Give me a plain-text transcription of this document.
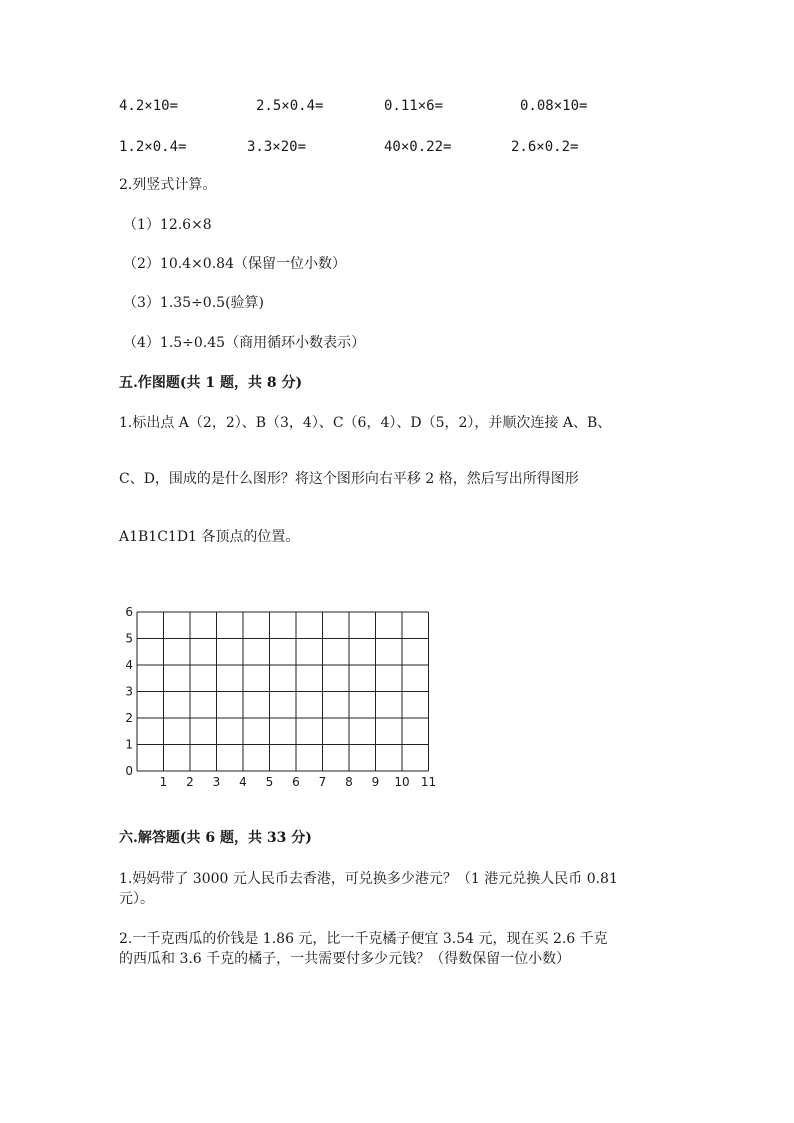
4.2×10=	2.5×0.4=	0.11×6=	0.08×10=
1.2×0.4=	3.3×20=	40×0.22=	2.6×0.2=
2.列竖式计算。
（1）12.6×8
（2）10.4×0.84（保留一位小数）
（3）1.35÷0.5(验算)
（4）1.5÷0.45（商用循环小数表示）
五.作图题(共 1 题，共 8 分)
1.标出点 A（2，2）、B（3，4）、C（6，4）、D（5，2），并顺次连接 A、B、
C、D，围成的是什么图形？将这个图形向右平移 2 格，然后写出所得图形
A1B1C1D1 各顶点的位置。
1 2 3 4 5 6 7 8 9 10 11
0
1
2
3
4
5
6
六.解答题(共 6 题，共 33 分)
1.妈妈带了 3000 元人民币去香港，可兑换多少港元？（1 港元兑换人民币 0.81
元）。
2.一千克西瓜的价钱是 1.86 元，比一千克橘子便宜 3.54 元，现在买 2.6 千克
的西瓜和 3.6 千克的橘子，一共需要付多少元钱？（得数保留一位小数）
